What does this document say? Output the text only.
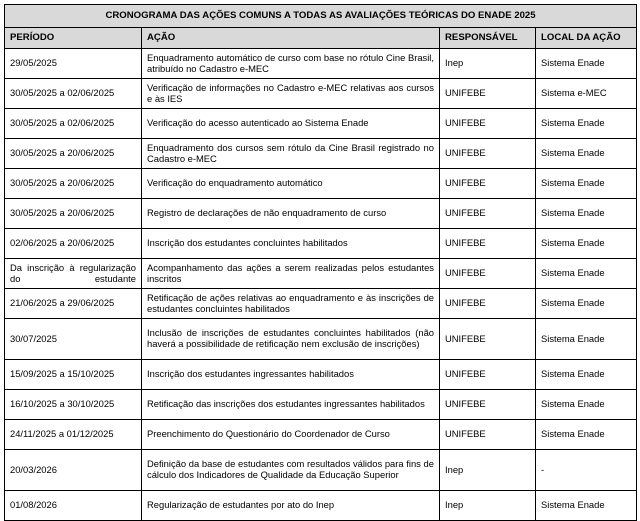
CRONOGRAMA DAS AÇÕES COMUNS A TODAS AS AVALIAÇÕES TEÓRICAS DO ENADE 2025			
PERÍODO	AÇÃO	RESPONSÁVEL	LOCAL DA AÇÃO
29/05/2025	Enquadramento automático de curso com base no rótulo Cine Brasil, atribuído no Cadastro e-MEC	Inep	Sistema Enade
30/05/2025 a 02/06/2025	Verificação de informações no Cadastro e-MEC relativas aos cursos e às IES	UNIFEBE	Sistema e-MEC
30/05/2025 a 02/06/2025	Verificação do acesso autenticado ao Sistema Enade	UNIFEBE	Sistema Enade
30/05/2025 a 20/06/2025	Enquadramento dos cursos sem rótulo da Cine Brasil registrado no Cadastro e-MEC	UNIFEBE	Sistema Enade
30/05/2025 a 20/06/2025	Verificação do enquadramento automático	UNIFEBE	Sistema Enade
30/05/2025 a 20/06/2025	Registro de declarações de não enquadramento de curso	UNIFEBE	Sistema Enade
02/06/2025 a 20/06/2025	Inscrição dos estudantes concluintes habilitados	UNIFEBE	Sistema Enade
Da inscrição à regularização do estudante	Acompanhamento das ações a serem realizadas pelos estudantes inscritos	UNIFEBE	Sistema Enade
21/06/2025 a 29/06/2025	Retificação de ações relativas ao enquadramento e às inscrições de estudantes concluintes habilitados	UNIFEBE	Sistema Enade
30/07/2025	Inclusão de inscrições de estudantes concluintes habilitados (não haverá a possibilidade de retificação nem exclusão de inscrições)	UNIFEBE	Sistema Enade
15/09/2025 a 15/10/2025	Inscrição dos estudantes ingressantes habilitados	UNIFEBE	Sistema Enade
16/10/2025 a 30/10/2025	Retificação das inscrições dos estudantes ingressantes habilitados	UNIFEBE	Sistema Enade
24/11/2025 a 01/12/2025	Preenchimento do Questionário do Coordenador de Curso	UNIFEBE	Sistema Enade
20/03/2026	Definição da base de estudantes com resultados válidos para fins de cálculo dos Indicadores de Qualidade da Educação Superior	Inep	-
01/08/2026	Regularização de estudantes por ato do Inep	Inep	Sistema Enade
